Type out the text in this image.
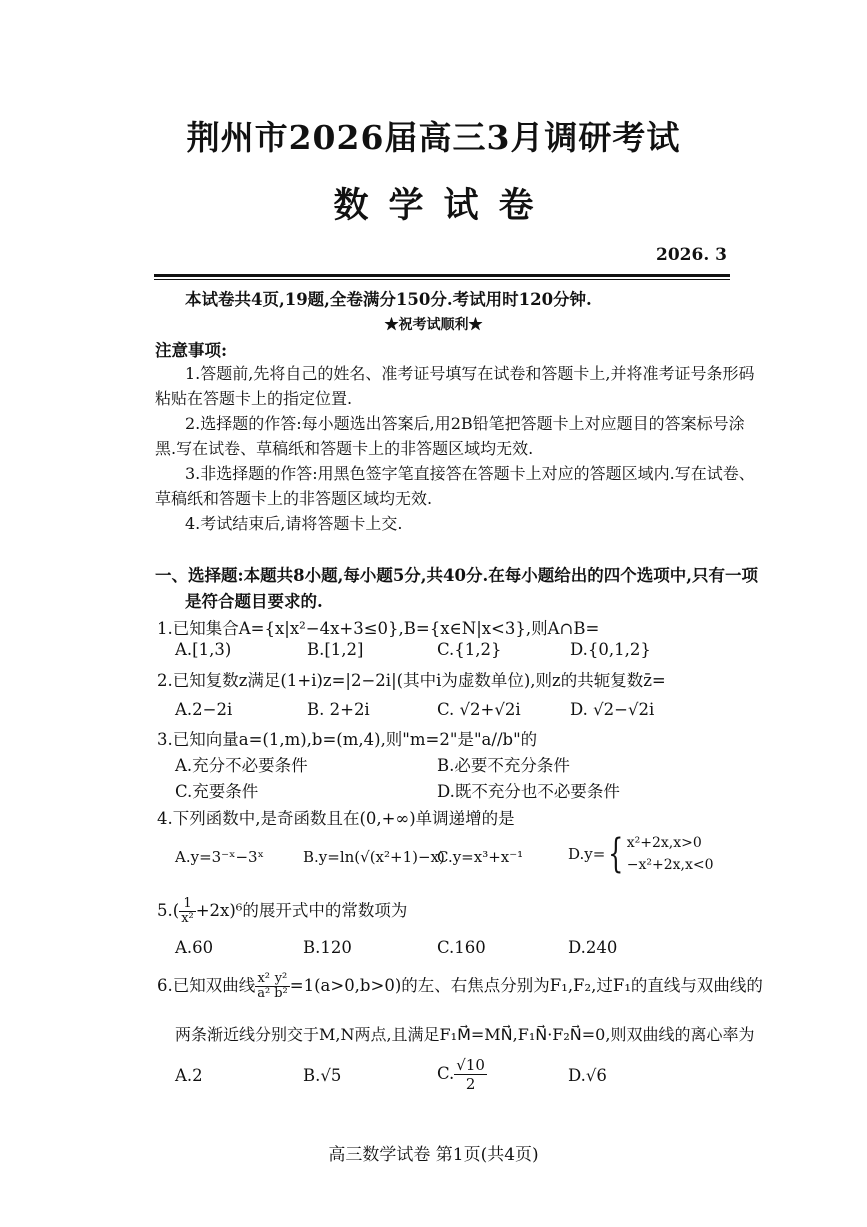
荆州市2026届高三3月调研考试
数学试卷
2026. 3
本试卷共4页,19题,全卷满分150分.考试用时120分钟.
★祝考试顺利★
注意事项:
1.答题前,先将自己的姓名、准考证号填写在试卷和答题卡上,并将准考证号条形码
粘贴在答题卡上的指定位置.
2.选择题的作答:每小题选出答案后,用2B铅笔把答题卡上对应题目的答案标号涂
黑.写在试卷、草稿纸和答题卡上的非答题区域均无效.
3.非选择题的作答:用黑色签字笔直接答在答题卡上对应的答题区域内.写在试卷、
草稿纸和答题卡上的非答题区域均无效.
4.考试结束后,请将答题卡上交.
一、选择题:本题共8小题,每小题5分,共40分.在每小题给出的四个选项中,只有一项
是符合题目要求的.
1.已知集合A={x|x²−4x+3≤0},B={x∈N|x<3},则A∩B=
A.[1,3)	B.[1,2]	C.{1,2}	D.{0,1,2}
2.已知复数z满足(1+i)z=|2−2i|(其中i为虚数单位),则z的共轭复数z̄=
A.2−2i	B. 2+2i	C. √2+√2i	D. √2−√2i
3.已知向量a=(1,m),b=(m,4),则"m=2"是"a//b"的
A.充分不必要条件	B.必要不充分条件
C.充要条件	D.既不充分也不必要条件
4.下列函数中,是奇函数且在(0,+∞)单调递增的是
A.y=3⁻ˣ−3ˣ	B.y=ln(√(x²+1)−x)
C.y=x³+x⁻¹	D.y= { x²+2x,x>0
−x²+2x,x<0
$5.( \frac{1}{\text{x²}} +2x)^6$的展开式中的常数项为
A.60	B.120	C.160	D.240
6.已知双曲线 $\frac{\text{x²}}{\text{a²}} \frac{\text{y²}}{\text{b²}} =1(a>0,b>0)$的左、右焦点分别为F₁,F₂,过F₁的直线与双曲线的
两条渐近线分别交于M,N两点,且满足F₁M⃗=MN⃗,F₁N⃗·F₂N⃗=0,则双曲线的离心率为
A.2	B.√5	C. $\frac{√10}{2}$	D.√6
高三数学试卷 第1页(共4页)
